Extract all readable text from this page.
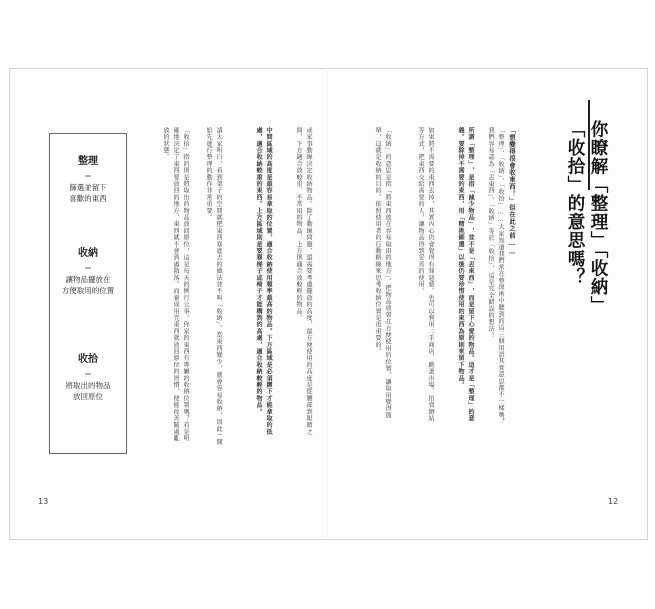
你瞭解「整理」「收納」
「收拾」的意思嗎？
「想變得很會收東西！」但在此之前……
「整理」、「收納」、「收拾」……大家知道我們常在整理術中聽到的這三個用語其實意思都不一樣嗎？我們容易認為「丟東西」、「收納」等於「收拾」，這是完全錯誤的想法！
所謂「整理」，是指「減少物品」，並不是「丟東西」，而是留下心愛的物品。這才是「整理」的意義。要除掉不需要的東西，用「精挑細選」以後仍要珍惜使用的東西為原則來留下物品。
如果將不需要的東西丟掉，其實內心仍會覺得有罪惡感。也可以利用二手商店、跳蚤市場、拍賣網站等方式，把東西交給需要的人，讓物品得到妥善的使用。
「收納」的意思是指「將東西放在容易取用的地方」。把物品放置在方便使用的位置，讓取用變得簡單，這就是收納的目的。依照使用者的行動路線來思考收納位置是很重要的。
12
或家事動線決定收納物品。除了動線問題，還需要考慮擺放的高度，最方便使用的高度是從腰部到眼睛之間，下方適合放較重、不常用的物品，上方則適合放較輕的物品。
中間區域的高度是最容易拿取的位置，適合收納使用頻率最高的物品。下方區域是必須蹲下才能拿取的低處，適合收納較重的東西。上方區域則是要靠梯子或椅子才能構到的高處，適合收納較輕的物品。
請大家明白，看到架子的空間就把東西塞進去的做法並不叫「收納」。當東西變少，就會容易收納，因此一開始先進行整理的動作非常重要。
「收拾」指的則是將取出的物品放回原位，這是每天的例行公事。你家的東西有專屬的收納位置嗎？若是明確地決定了東西要放回的地方，東西就不會到處散落。而養成用完東西就放回原位的習慣，便能改善隨處亂放的狀態。
整理
＝
篩選並留下
喜歡的東西
收納
＝
讓物品擺放在
方便取用的位置
收拾
＝
將取出的物品
放回原位
13
